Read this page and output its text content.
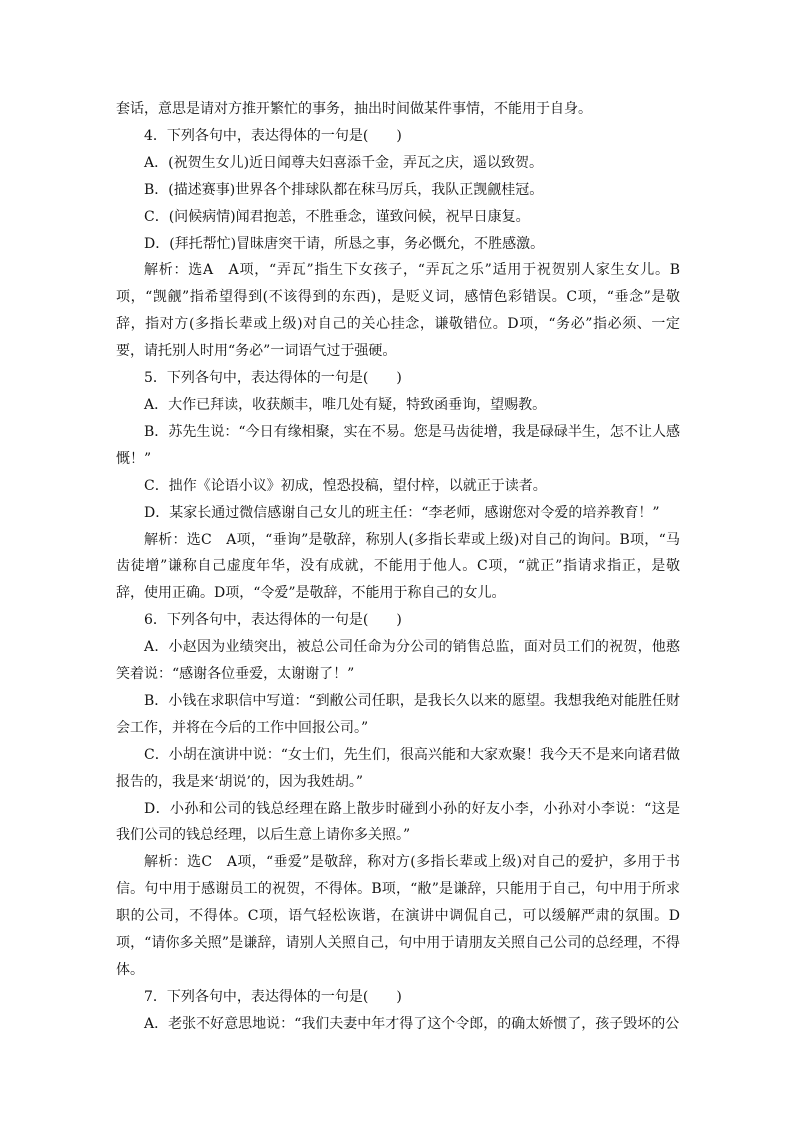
套话，意思是请对方推开繁忙的事务，抽出时间做某件事情，不能用于自身。

4．下列各句中，表达得体的一句是(　　)

A．(祝贺生女儿)近日闻尊夫妇喜添千金，弄瓦之庆，遥以致贺。

B．(描述赛事)世界各个排球队都在秣马厉兵，我队正觊觎桂冠。

C．(问候病情)闻君抱恙，不胜垂念，谨致问候，祝早日康复。

D．(拜托帮忙)冒昧唐突干请，所恳之事，务必慨允，不胜感激。

解析：选A　A项，“弄瓦”指生下女孩子，“弄瓦之乐”适用于祝贺别人家生女儿。B项，“觊觎”指希望得到(不该得到的东西)，是贬义词，感情色彩错误。C项，“垂念”是敬辞，指对方(多指长辈或上级)对自己的关心挂念，谦敬错位。D项，“务必”指必须、一定要，请托别人时用“务必”一词语气过于强硬。

5．下列各句中，表达得体的一句是(　　)

A．大作已拜读，收获颇丰，唯几处有疑，特致函垂询，望赐教。

B．苏先生说：“今日有缘相聚，实在不易。您是马齿徒增，我是碌碌半生，怎不让人感慨！”

C．拙作《论语小议》初成，惶恐投稿，望付梓，以就正于读者。

D．某家长通过微信感谢自己女儿的班主任：“李老师，感谢您对令爱的培养教育！”

解析：选C　A项，“垂询”是敬辞，称别人(多指长辈或上级)对自己的询问。B项，“马齿徒增”谦称自己虚度年华，没有成就，不能用于他人。C项，“就正”指请求指正，是敬辞，使用正确。D项，“令爱”是敬辞，不能用于称自己的女儿。

6．下列各句中，表达得体的一句是(　　)

A．小赵因为业绩突出，被总公司任命为分公司的销售总监，面对员工们的祝贺，他憨笑着说：“感谢各位垂爱，太谢谢了！”

B．小钱在求职信中写道：“到敝公司任职，是我长久以来的愿望。我想我绝对能胜任财会工作，并将在今后的工作中回报公司。”

C．小胡在演讲中说：“女士们，先生们，很高兴能和大家欢聚！我今天不是来向诸君做报告的，我是来‘胡说’的，因为我姓胡。”

D．小孙和公司的钱总经理在路上散步时碰到小孙的好友小李，小孙对小李说：“这是我们公司的钱总经理，以后生意上请你多关照。”

解析：选C　A项，“垂爱”是敬辞，称对方(多指长辈或上级)对自己的爱护，多用于书信。句中用于感谢员工的祝贺，不得体。B项，“敝”是谦辞，只能用于自己，句中用于所求职的公司，不得体。C项，语气轻松诙谐，在演讲中调侃自己，可以缓解严肃的氛围。D项，“请你多关照”是谦辞，请别人关照自己，句中用于请朋友关照自己公司的总经理，不得体。

7．下列各句中，表达得体的一句是(　　)

A．老张不好意思地说：“我们夫妻中年才得了这个令郎，的确太娇惯了，孩子毁坏的公
